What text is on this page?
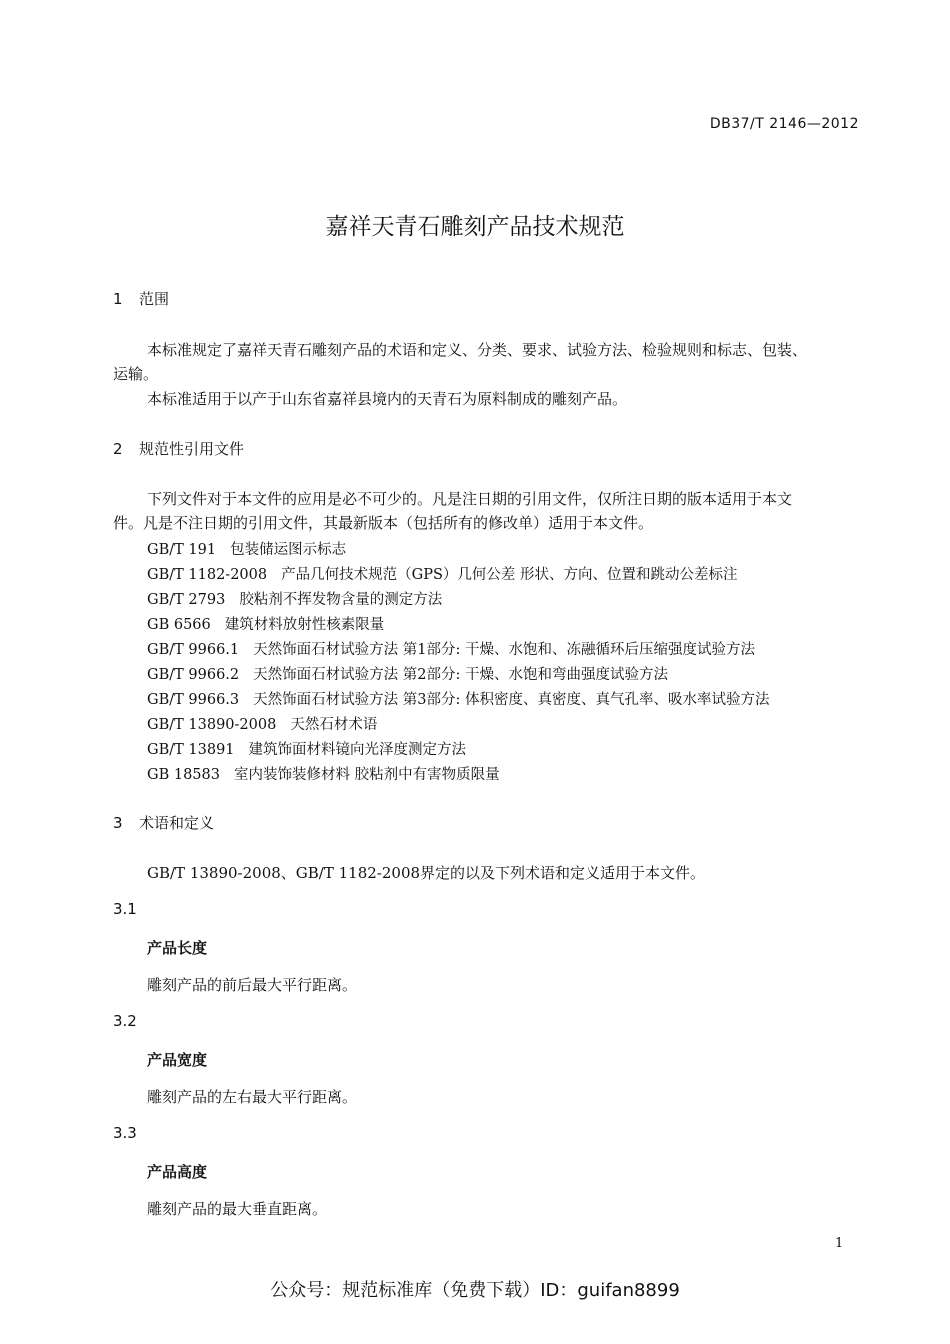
DB37/T 2146—2012
嘉祥天青石雕刻产品技术规范
1 范围
本标准规定了嘉祥天青石雕刻产品的术语和定义、分类、要求、试验方法、检验规则和标志、包装、
运输。
本标准适用于以产于山东省嘉祥县境内的天青石为原料制成的雕刻产品。
2 规范性引用文件
下列文件对于本文件的应用是必不可少的。凡是注日期的引用文件，仅所注日期的版本适用于本文
件。凡是不注日期的引用文件，其最新版本（包括所有的修改单）适用于本文件。
GB/T 191 包装储运图示标志
GB/T 1182-2008 产品几何技术规范（GPS）几何公差 形状、方向、位置和跳动公差标注
GB/T 2793 胶粘剂不挥发物含量的测定方法
GB 6566 建筑材料放射性核素限量
GB/T 9966.1 天然饰面石材试验方法 第1部分: 干燥、水饱和、冻融循环后压缩强度试验方法
GB/T 9966.2 天然饰面石材试验方法 第2部分: 干燥、水饱和弯曲强度试验方法
GB/T 9966.3 天然饰面石材试验方法 第3部分: 体积密度、真密度、真气孔率、吸水率试验方法
GB/T 13890-2008 天然石材术语
GB/T 13891 建筑饰面材料镜向光泽度测定方法
GB 18583 室内装饰装修材料 胶粘剂中有害物质限量
3 术语和定义
GB/T 13890-2008、GB/T 1182-2008界定的以及下列术语和定义适用于本文件。
3.1
产品长度
雕刻产品的前后最大平行距离。
3.2
产品宽度
雕刻产品的左右最大平行距离。
3.3
产品高度
雕刻产品的最大垂直距离。
1
公众号：规范标准库（免费下载）ID：guifan8899
